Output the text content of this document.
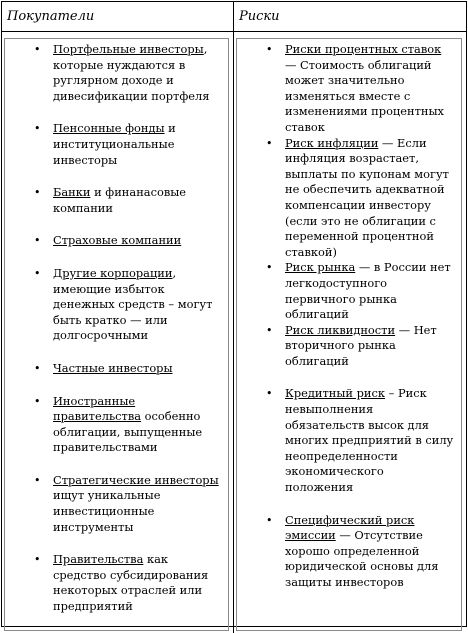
Покупатели	Риски
• Портфельные инвесторы, которые нуждаются в руглярном доходе и дивесификации портфеля
• Пенсонные фонды и институциональные инвесторы
• Банки и финанасовые компании
• Страховые компании
• Другие корпорации, имеющие избыток денежных средств – могут быть кратко — или долгосрочными
• Частные инвесторы
• Иностранные правительства особенно облигации, выпущенные правительствами
• Стратегические инвесторы ищут уникальные инвестиционные инструменты
• Правительства как средство субсидирования некоторых отраслей или предприятий
• Риски процентных ставок — Стоимость облигаций может значительно изменяться вместе с изменениями процентных ставок
• Риск инфляции — Если инфляция возрастает, выплаты по купонам могут не обеспечить адекватной компенсации инвестору (если это не облигации с переменной процентной ставкой)
• Риск рынка — в России нет легкодоступного первичного рынка облигаций
• Риск ликвидности — Нет вторичного рынка облигаций
• Кредитный риск – Риск невыполнения обязательств высок для многих предприятий в силу неопределенности экономического положения
• Специфический риск эмиссии — Отсутствие хорошо определенной юридической основы для защиты инвесторов
